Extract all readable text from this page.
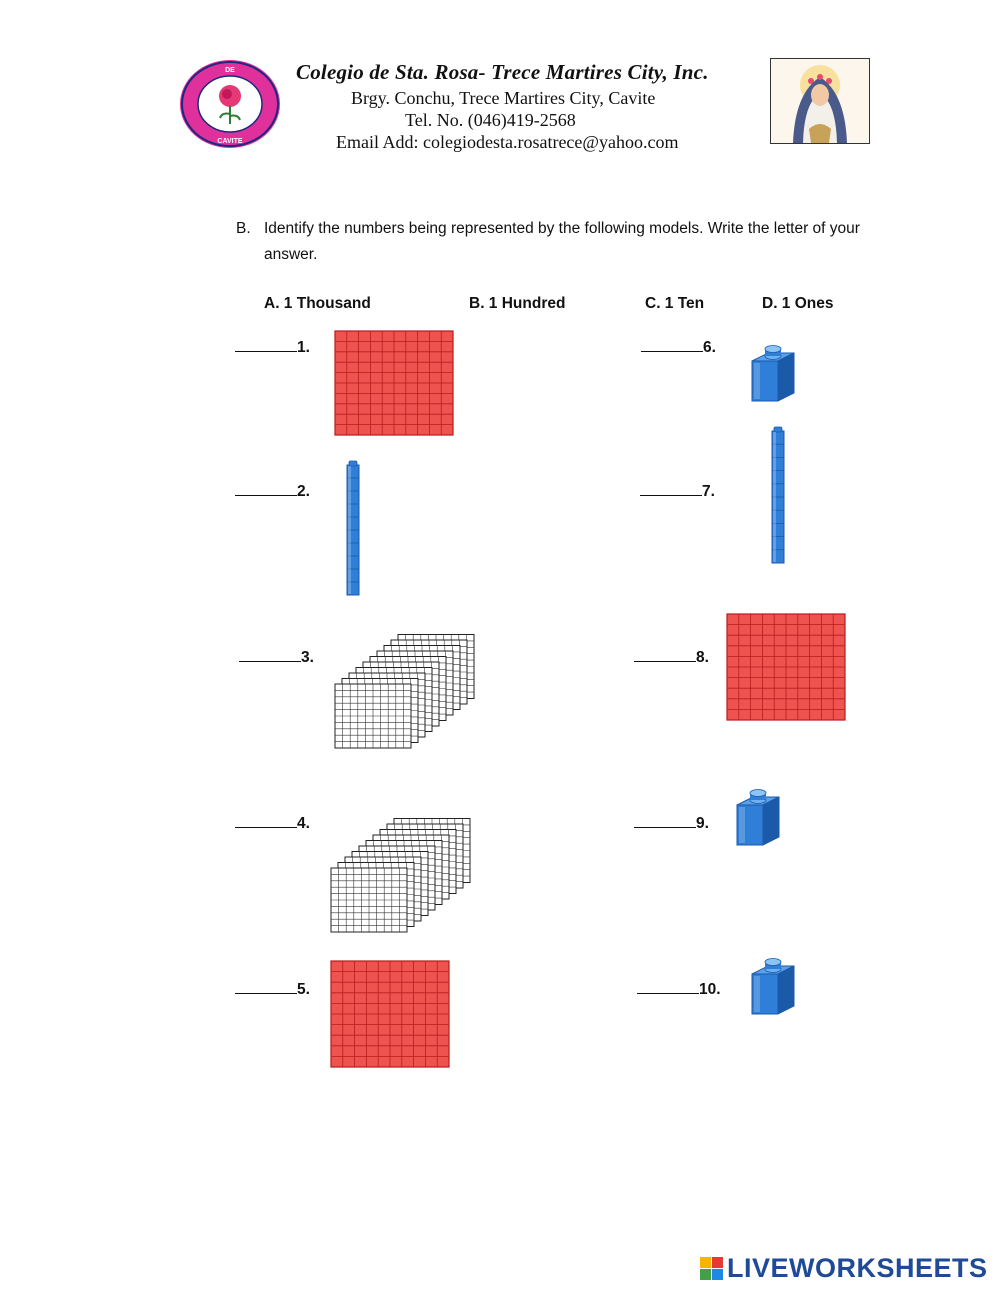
DE
CAVITE
Colegio de Sta. Rosa- Trece Martires City, Inc.
Brgy. Conchu, Trece Martires City, Cavite
Tel. No. (046)419-2568
Email Add: colegiodesta.rosatrece@yahoo.com
B. Identify the numbers being represented by the following models. Write the letter of your answer.
A. 1 Thousand	B. 1 Hundred	C. 1 Ten	D. 1 Ones
1.
2.
3.
4.
5.
6.
7.
8.
9.
10.
LIVEWORKSHEETS
